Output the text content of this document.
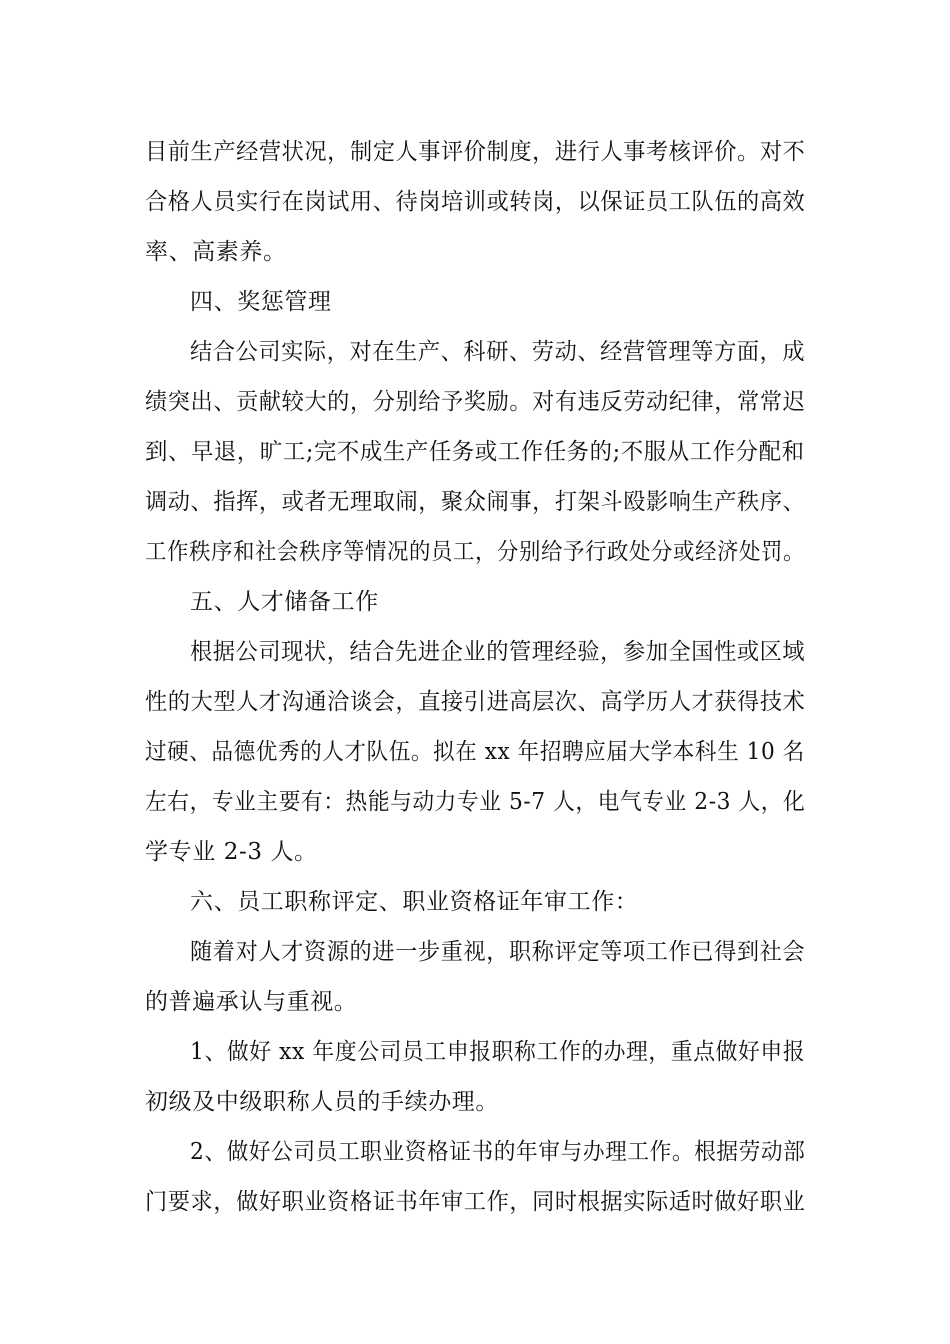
目前生产经营状况，制定人事评价制度，进行人事考核评价。对不
合格人员实行在岗试用、待岗培训或转岗，以保证员工队伍的高效
率、高素养。
四、奖惩管理
结合公司实际，对在生产、科研、劳动、经营管理等方面，成
绩突出、贡献较大的，分别给予奖励。对有违反劳动纪律，常常迟
到、早退，旷工;完不成生产任务或工作任务的;不服从工作分配和
调动、指挥，或者无理取闹，聚众闹事，打架斗殴影响生产秩序、
工作秩序和社会秩序等情况的员工，分别给予行政处分或经济处罚。
五、人才储备工作
根据公司现状，结合先进企业的管理经验，参加全国性或区域
性的大型人才沟通洽谈会，直接引进高层次、高学历人才获得技术
过硬、品德优秀的人才队伍。拟在 xx 年招聘应届大学本科生 10 名
左右，专业主要有：热能与动力专业 5-7 人，电气专业 2-3 人，化
学专业 2-3 人。
六、员工职称评定、职业资格证年审工作：
随着对人才资源的进一步重视，职称评定等项工作已得到社会
的普遍承认与重视。
1、做好 xx 年度公司员工申报职称工作的办理，重点做好申报
初级及中级职称人员的手续办理。
2、做好公司员工职业资格证书的年审与办理工作。根据劳动部
门要求，做好职业资格证书年审工作，同时根据实际适时做好职业
